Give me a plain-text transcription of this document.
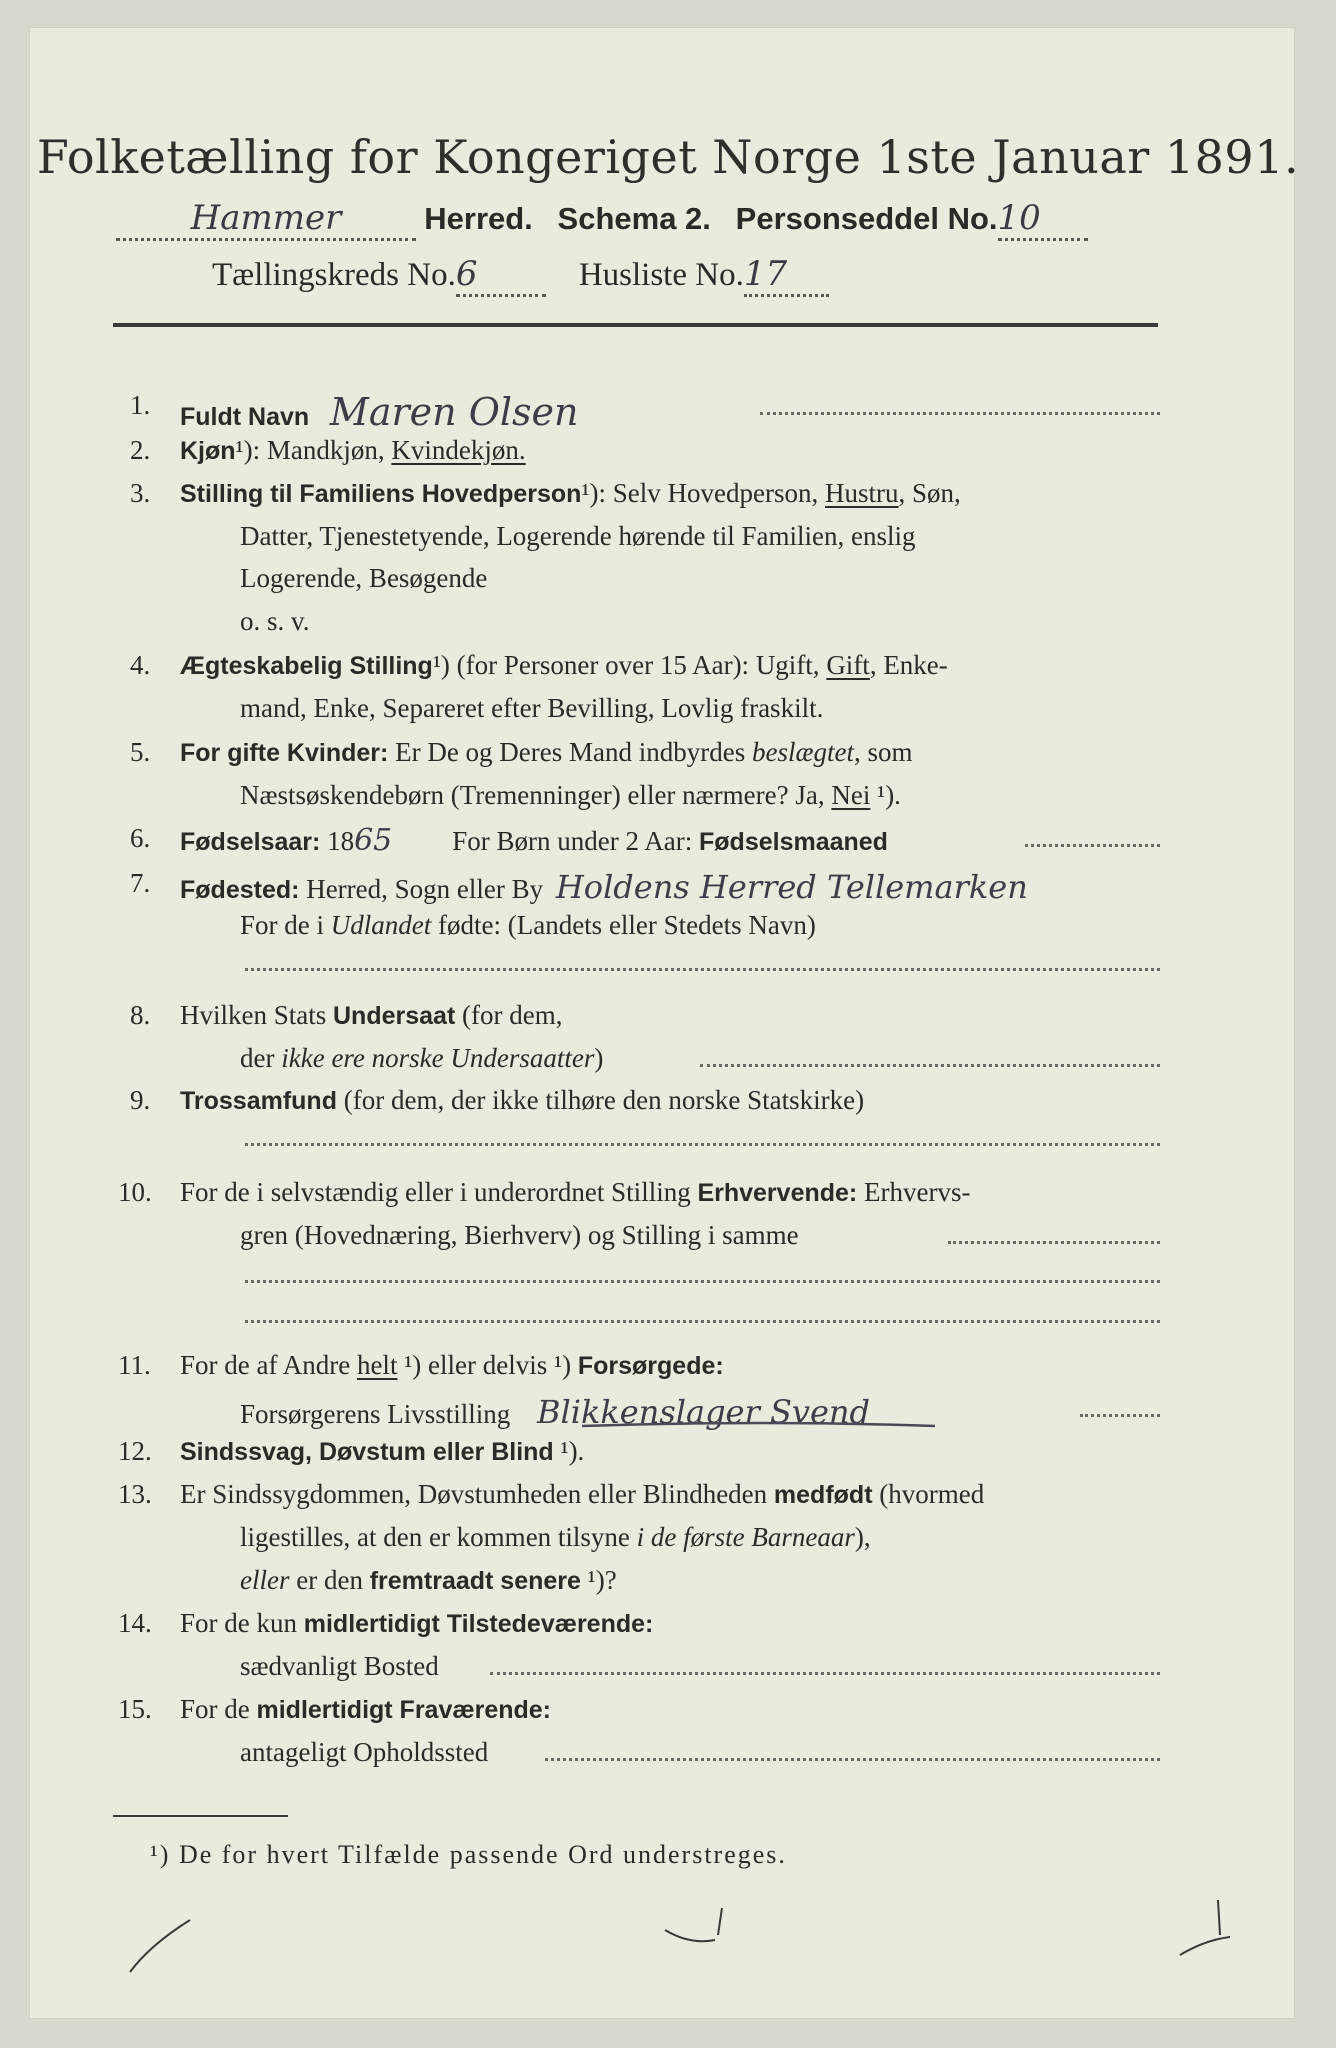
Folketælling for Kongeriget Norge 1ste Januar 1891.
Hammer	Herred. Schema 2. Personseddel No.10
Tællingskreds No.6	Husliste No.17
1. Fuldt Navn Maren Olsen
2. Kjøn¹): Mandkjøn, Kvindekjøn.
3. Stilling til Familiens Hovedperson¹): Selv Hovedperson, Hustru, Søn,
Datter, Tjenestetyende, Logerende hørende til Familien, enslig
Logerende, Besøgende
o. s. v.
4. Ægteskabelig Stilling¹) (for Personer over 15 Aar): Ugift, Gift, Enke-
mand, Enke, Separeret efter Bevilling, Lovlig fraskilt.
5. For gifte Kvinder: Er De og Deres Mand indbyrdes beslægtet, som
Næstsøskendebørn (Tremenninger) eller nærmere? Ja, Nei ¹).
6. Fødselsaar: 1865 For Børn under 2 Aar: Fødselsmaaned
7. Fødested: Herred, Sogn eller By Holdens Herred Tellemarken
For de i Udlandet fødte: (Landets eller Stedets Navn)
8. Hvilken Stats Undersaat (for dem,
der ikke ere norske Undersaatter)
9. Trossamfund (for dem, der ikke tilhøre den norske Statskirke)
10. For de i selvstændig eller i underordnet Stilling Erhvervende: Erhvervs-
gren (Hovednæring, Bierhverv) og Stilling i samme
11. For de af Andre helt ¹) eller delvis ¹) Forsørgede:
Forsørgerens Livsstilling Blikkenslager Svend
12. Sindssvag, Døvstum eller Blind ¹).
13. Er Sindssygdommen, Døvstumheden eller Blindheden medfødt (hvormed
ligestilles, at den er kommen tilsyne i de første Barneaar),
eller er den fremtraadt senere ¹)?
14. For de kun midlertidigt Tilstedeværende:
sædvanligt Bosted
15. For de midlertidigt Fraværende:
antageligt Opholdssted
¹) De for hvert Tilfælde passende Ord understreges.
